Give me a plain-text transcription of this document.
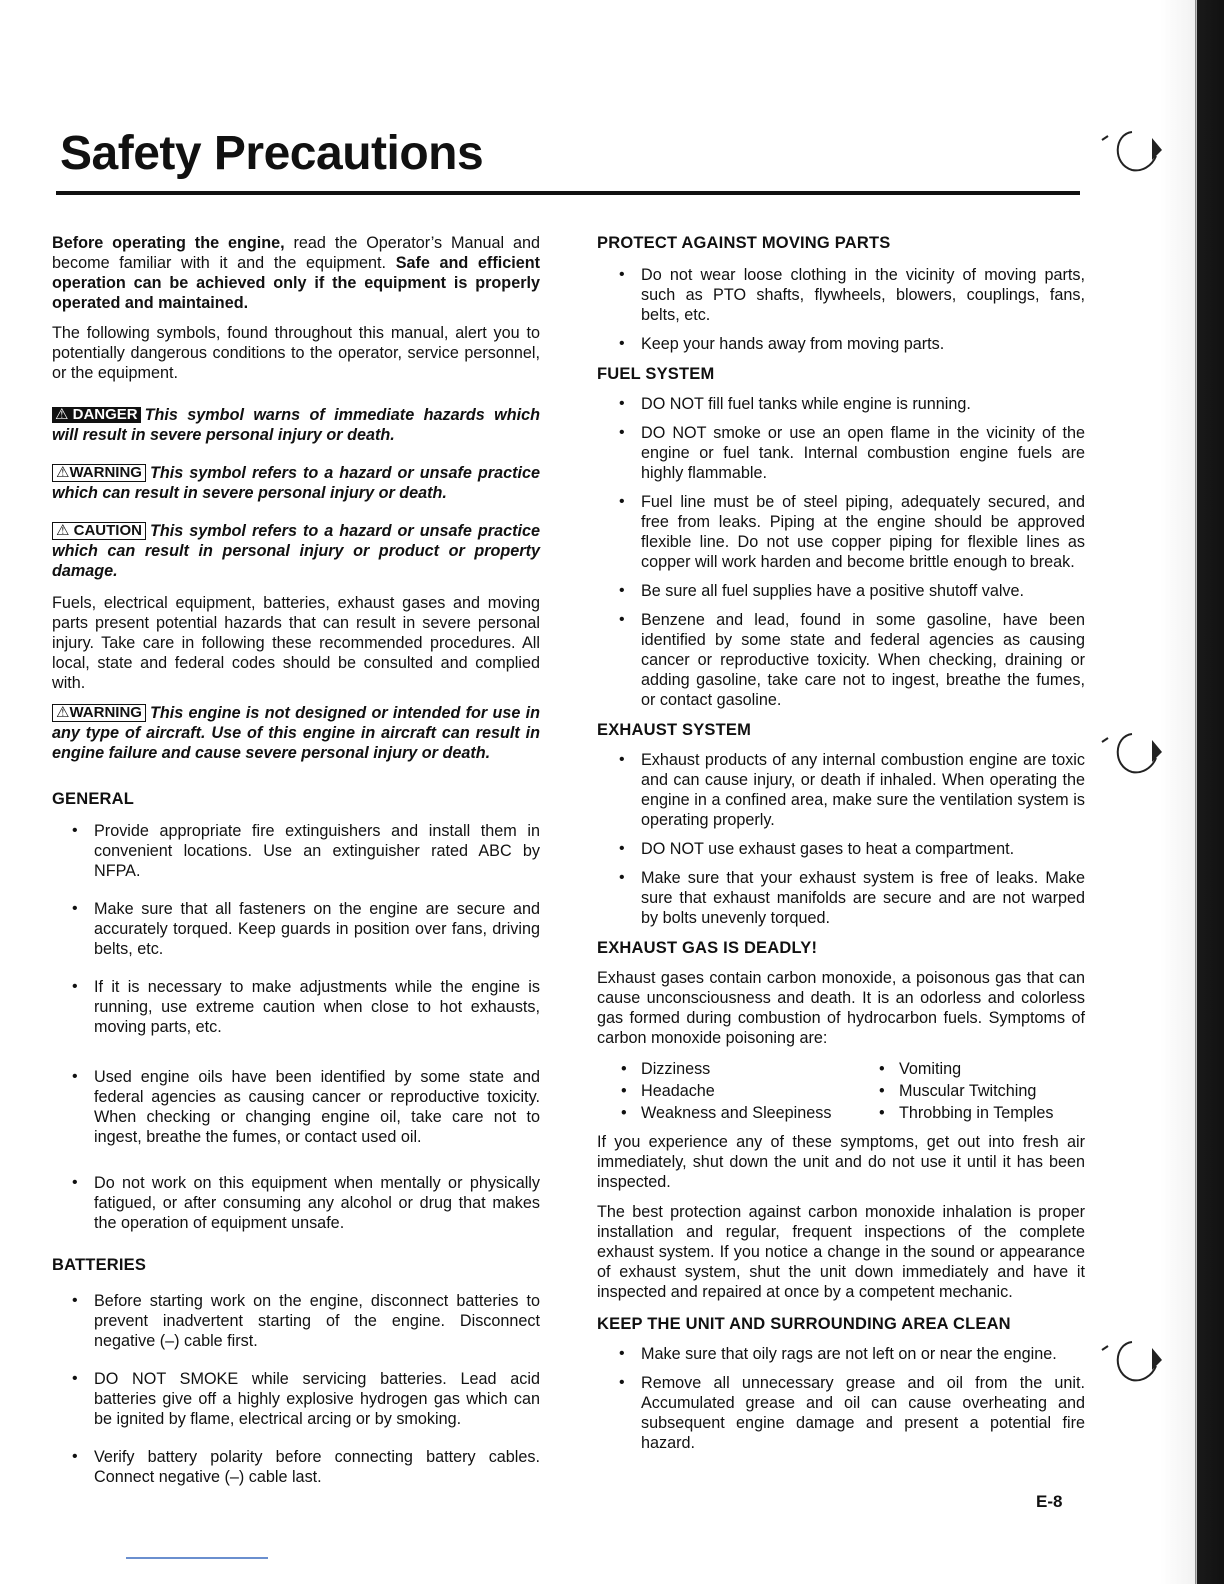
Safety Precautions

Before operating the engine, read the Operator’s Manual and become familiar with it and the equipment. Safe and efficient operation can be achieved only if the equipment is properly operated and maintained.

The following symbols, found throughout this manual, alert you to potentially dangerous conditions to the operator, service personnel, or the equipment.

⚠ DANGER This symbol warns of immediate hazards which will result in severe personal injury or death.

⚠WARNING This symbol refers to a hazard or unsafe practice which can result in severe personal injury or death.

⚠ CAUTION This symbol refers to a hazard or unsafe practice which can result in personal injury or product or property damage.

Fuels, electrical equipment, batteries, exhaust gases and moving parts present potential hazards that can result in severe personal injury. Take care in following these recommended procedures. All local, state and federal codes should be consulted and complied with.

⚠WARNING This engine is not designed or intended for use in any type of aircraft. Use of this engine in aircraft can result in engine failure and cause severe personal injury or death.

GENERAL
• Provide appropriate fire extinguishers and install them in convenient locations. Use an extinguisher rated ABC by NFPA.
• Make sure that all fasteners on the engine are secure and accurately torqued. Keep guards in position over fans, driving belts, etc.
• If it is necessary to make adjustments while the engine is running, use extreme caution when close to hot exhausts, moving parts, etc.
• Used engine oils have been identified by some state and federal agencies as causing cancer or reproductive toxicity. When checking or changing engine oil, take care not to ingest, breathe the fumes, or contact used oil.
• Do not work on this equipment when mentally or physically fatigued, or after consuming any alcohol or drug that makes the operation of equipment unsafe.
BATTERIES
• Before starting work on the engine, disconnect batteries to prevent inadvertent starting of the engine. Disconnect negative (–) cable first.
• DO NOT SMOKE while servicing batteries. Lead acid batteries give off a highly explosive hydrogen gas which can be ignited by flame, electrical arcing or by smoking.
• Verify battery polarity before connecting battery cables. Connect negative (–) cable last.
PROTECT AGAINST MOVING PARTS
• Do not wear loose clothing in the vicinity of moving parts, such as PTO shafts, flywheels, blowers, couplings, fans, belts, etc.
• Keep your hands away from moving parts.
FUEL SYSTEM
• DO NOT fill fuel tanks while engine is running.
• DO NOT smoke or use an open flame in the vicinity of the engine or fuel tank. Internal combustion engine fuels are highly flammable.
• Fuel line must be of steel piping, adequately secured, and free from leaks. Piping at the engine should be approved flexible line. Do not use copper piping for flexible lines as copper will work harden and become brittle enough to break.
• Be sure all fuel supplies have a positive shutoff valve.
• Benzene and lead, found in some gasoline, have been identified by some state and federal agencies as causing cancer or reproductive toxicity. When checking, draining or adding gasoline, take care not to ingest, breathe the fumes, or contact gasoline.
EXHAUST SYSTEM
• Exhaust products of any internal combustion engine are toxic and can cause injury, or death if inhaled. When operating the engine in a confined area, make sure the ventilation system is operating properly.
• DO NOT use exhaust gases to heat a compartment.
• Make sure that your exhaust system is free of leaks. Make sure that exhaust manifolds are secure and are not warped by bolts unevenly torqued.
EXHAUST GAS IS DEADLY!

Exhaust gases contain carbon monoxide, a poisonous gas that can cause unconsciousness and death. It is an odorless and colorless gas formed during combustion of hydrocarbon fuels. Symptoms of carbon monoxide poisoning are:

• Dizziness	• Vomiting
• Headache	• Muscular Twitching
• Weakness and Sleepiness	• Throbbing in Temples

If you experience any of these symptoms, get out into fresh air immediately, shut down the unit and do not use it until it has been inspected.

The best protection against carbon monoxide inhalation is proper installation and regular, frequent inspections of the complete exhaust system. If you notice a change in the sound or appearance of exhaust system, shut the unit down immediately and have it inspected and repaired at once by a competent mechanic.

KEEP THE UNIT AND SURROUNDING AREA CLEAN
• Make sure that oily rags are not left on or near the engine.
• Remove all unnecessary grease and oil from the unit. Accumulated grease and oil can cause overheating and subsequent engine damage and present a potential fire hazard.
E-8
